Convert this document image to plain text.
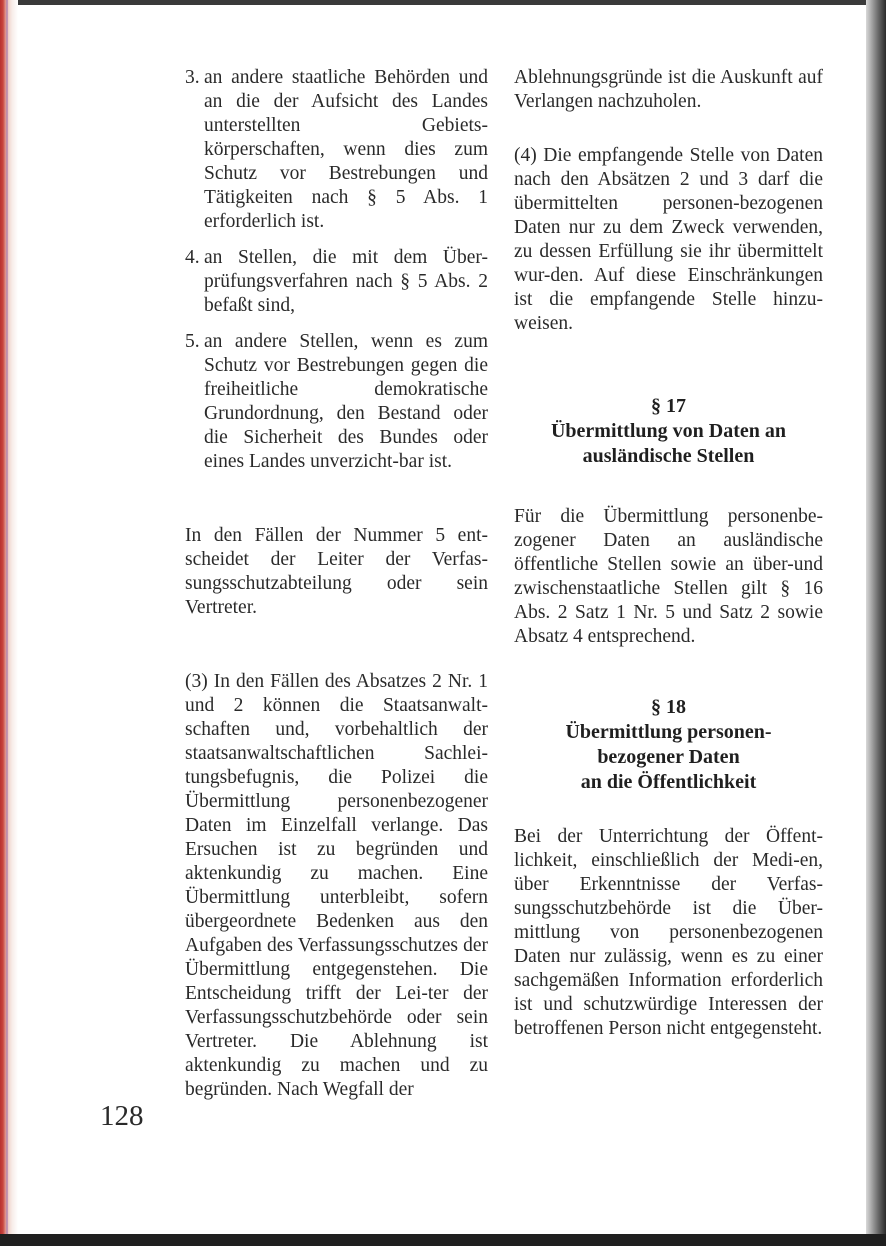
3. an andere staatliche Behörden und an die der Aufsicht des Landes unterstellten Gebiets-körperschaften, wenn dies zum Schutz vor Bestrebungen und Tätigkeiten nach § 5 Abs. 1 erforderlich ist.
4. an Stellen, die mit dem Über-prüfungsverfahren nach § 5 Abs. 2 befaßt sind,
5. an andere Stellen, wenn es zum Schutz vor Bestrebungen gegen die freiheitliche demokratische Grundordnung, den Bestand oder die Sicherheit des Bundes oder eines Landes unverzicht-bar ist.

In den Fällen der Nummer 5 ent-scheidet der Leiter der Verfas-sungsschutzabteilung oder sein Vertreter.

(3) In den Fällen des Absatzes 2 Nr. 1 und 2 können die Staatsanwalt-schaften und, vorbehaltlich der staatsanwaltschaftlichen Sachlei-tungsbefugnis, die Polizei die Übermittlung personenbezogener Daten im Einzelfall verlange. Das Ersuchen ist zu begründen und aktenkundig zu machen. Eine Übermittlung unterbleibt, sofern übergeordnete Bedenken aus den Aufgaben des Verfassungsschutzes der Übermittlung entgegenstehen. Die Entscheidung trifft der Lei-ter der Verfassungsschutzbehörde oder sein Vertreter. Die Ablehnung ist aktenkundig zu machen und zu begründen. Nach Wegfall der

Ablehnungsgründe ist die Auskunft auf Verlangen nachzuholen.

(4) Die empfangende Stelle von Daten nach den Absätzen 2 und 3 darf die übermittelten personen-bezogenen Daten nur zu dem Zweck verwenden, zu dessen Erfüllung sie ihr übermittelt wur-den. Auf diese Einschränkungen ist die empfangende Stelle hinzu-weisen.

§ 17
Übermittlung von Daten an
ausländische Stellen

Für die Übermittlung personenbe-zogener Daten an ausländische öffentliche Stellen sowie an über-und zwischenstaatliche Stellen gilt § 16 Abs. 2 Satz 1 Nr. 5 und Satz 2 sowie Absatz 4 entsprechend.

§ 18
Übermittlung personen-
bezogener Daten
an die Öffentlichkeit

Bei der Unterrichtung der Öffent-lichkeit, einschließlich der Medi-en, über Erkenntnisse der Verfas-sungsschutzbehörde ist die Über-mittlung von personenbezogenen Daten nur zulässig, wenn es zu einer sachgemäßen Information erforderlich ist und schutzwürdige Interessen der betroffenen Person nicht entgegensteht.

128
